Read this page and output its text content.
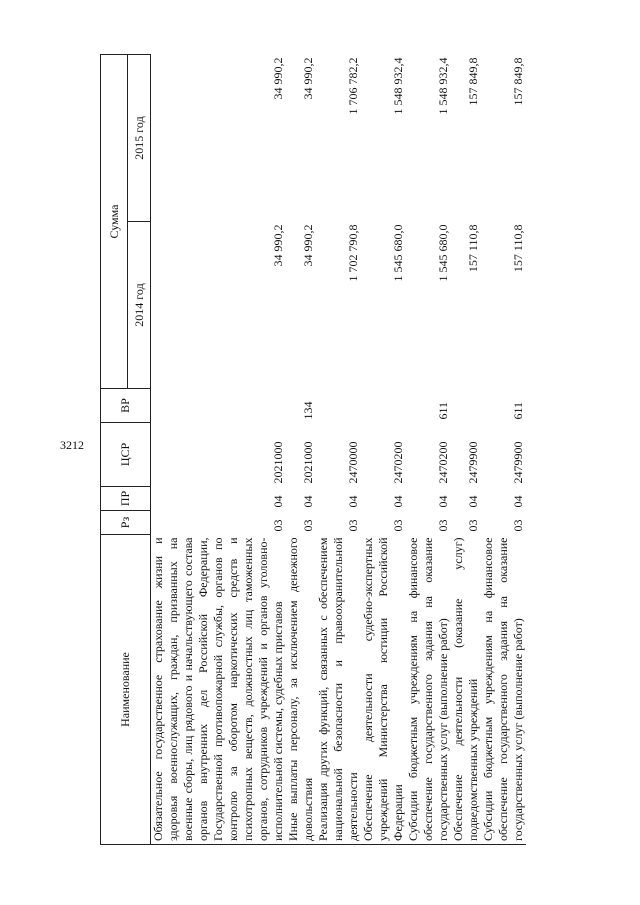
3212
Наименование	Рз	ПР	ЦСР	ВР	Сумма	
					2014 год	2015 год
Обязательное государственное страхование жизни и здоровья военнослужащих, граждан, призванных на военные сборы, лиц рядового и начальствующего состава органов внутренних дел Российской Федерации, Государственной противопожарной службы, органов по контролю за оборотом наркотических средств и психотропных веществ, должностных лиц таможенных органов, сотрудников учреждений и органов уголовно-исполнительной системы, судебных приставов	03	04	2021000		34 990,2	34 990,2
Иные выплаты персоналу, за исключением денежного довольствия	03	04	2021000	134	34 990,2	34 990,2
Реализация других функций, связанных с обеспечением национальной безопасности и правоохранительной деятельности	03	04	2470000		1 702 790,8	1 706 782,2
Обеспечение деятельности судебно-экспертных учреждений Министерства юстиции Российской Федерации	03	04	2470200		1 545 680,0	1 548 932,4
Субсидии бюджетным учреждениям на финансовое обеспечение государственного задания на оказание государственных услуг (выполнение работ)	03	04	2470200	611	1 545 680,0	1 548 932,4
Обеспечение деятельности (оказание услуг) подведомственных учреждений	03	04	2479900		157 110,8	157 849,8
Субсидии бюджетным учреждениям на финансовое обеспечение государственного задания на оказание государственных услуг (выполнение работ)	03	04	2479900	611	157 110,8	157 849,8
